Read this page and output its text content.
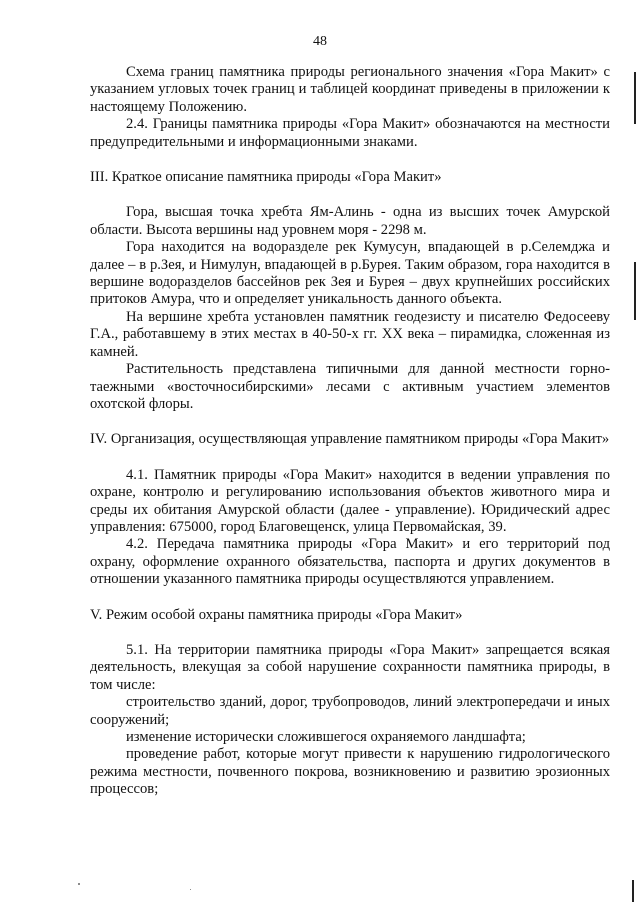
48

Схема границ памятника природы регионального значения «Гора Макит» с указанием угловых точек границ и таблицей координат приведены в приложении к настоящему Положению.

2.4. Границы памятника природы «Гора Макит» обозначаются на местности предупредительными и информационными знаками.

III. Краткое описание памятника природы «Гора Макит»

Гора, высшая точка хребта Ям-Алинь - одна из высших точек Амурской области. Высота вершины над уровнем моря - 2298 м.

Гора находится на водоразделе рек Кумусун, впадающей в р.Селемджа и далее – в р.Зея, и Нимулун, впадающей в р.Бурея. Таким образом, гора находится в вершине водоразделов бассейнов рек Зея и Бурея – двух крупнейших российских притоков Амура, что и определяет уникальность данного объекта.

На вершине хребта установлен памятник геодезисту и писателю Федосееву Г.А., работавшему в этих местах в 40-50-х гг. XX века – пирамидка, сложенная из камней.

Растительность представлена типичными для данной местности горно-таежными «восточносибирскими» лесами с активным участием элементов охотской флоры.

IV. Организация, осуществляющая управление памятником природы «Гора Макит»

4.1. Памятник природы «Гора Макит» находится в ведении управления по охране, контролю и регулированию использования объектов животного мира и среды их обитания Амурской области (далее - управление). Юридический адрес управления: 675000, город Благовещенск, улица Первомайская, 39.

4.2. Передача памятника природы «Гора Макит» и его территорий под охрану, оформление охранного обязательства, паспорта и других документов в отношении указанного памятника природы осуществляются управлением.

V. Режим особой охраны памятника природы «Гора Макит»

5.1. На территории памятника природы «Гора Макит» запрещается всякая деятельность, влекущая за собой нарушение сохранности памятника природы, в том числе:

строительство зданий, дорог, трубопроводов, линий электропередачи и иных сооружений;

изменение исторически сложившегося охраняемого ландшафта;

проведение работ, которые могут привести к нарушению гидрологического режима местности, почвенного покрова, возникновению и развитию эрозионных процессов;
